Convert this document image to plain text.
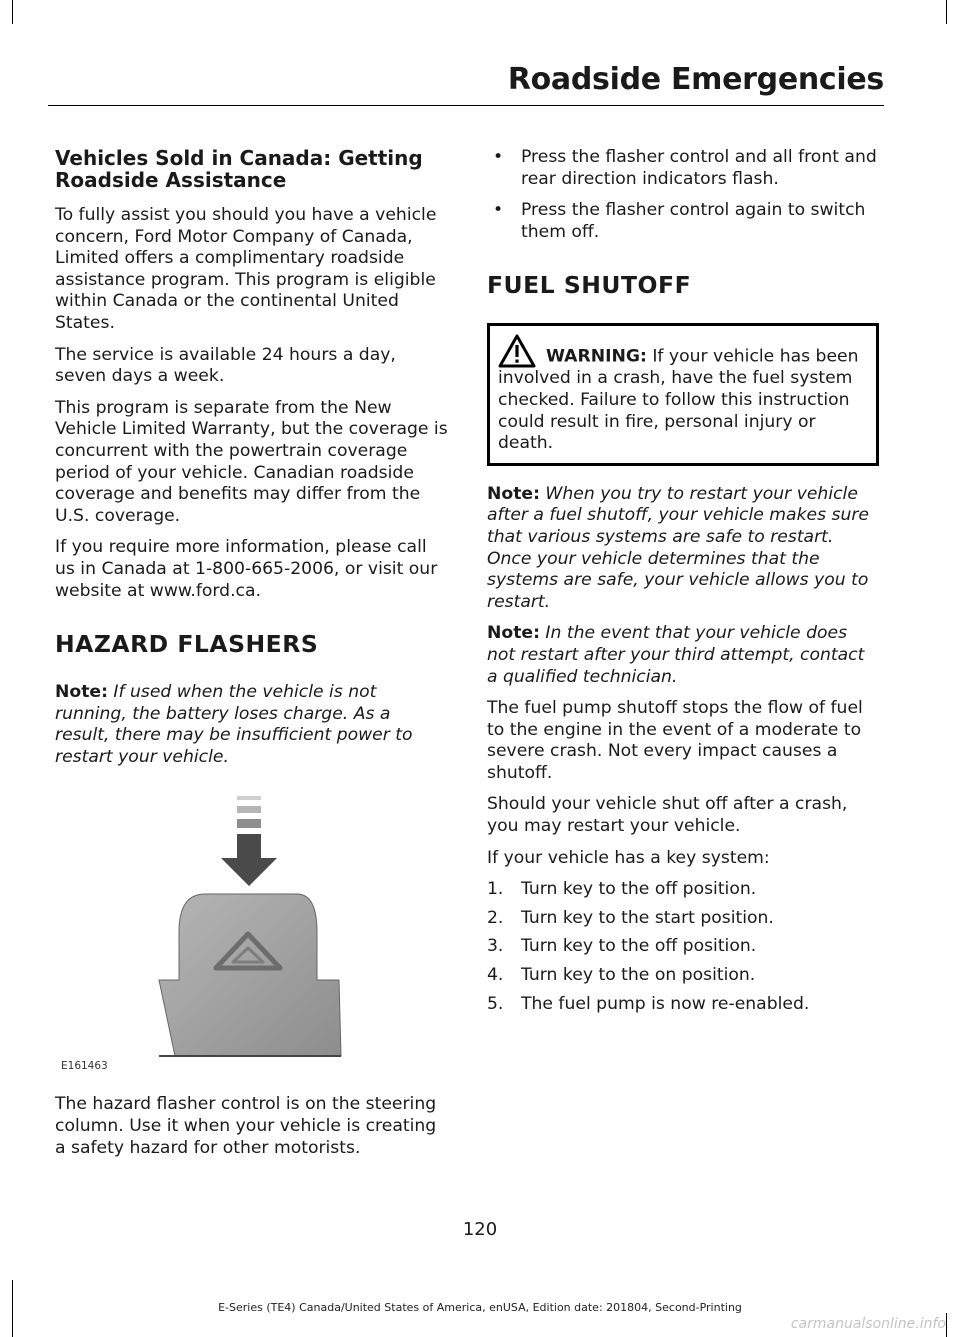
Roadside Emergencies
Vehicles Sold in Canada: Getting Roadside Assistance

To fully assist you should you have a vehicle concern, Ford Motor Company of Canada, Limited offers a complimentary roadside assistance program. This program is eligible within Canada or the continental United States.

The service is available 24 hours a day, seven days a week.

This program is separate from the New Vehicle Limited Warranty, but the coverage is concurrent with the powertrain coverage period of your vehicle. Canadian roadside coverage and benefits may differ from the U.S. coverage.

If you require more information, please call us in Canada at 1-800-665-2006, or visit our website at www.ford.ca.

HAZARD FLASHERS

Note: If used when the vehicle is not running, the battery loses charge. As a result, there may be insufficient power to restart your vehicle.

E161463

The hazard flasher control is on the steering column. Use it when your vehicle is creating a safety hazard for other motorists.

• Press the flasher control and all front and rear direction indicators flash.
• Press the flasher control again to switch them off.
FUEL SHUTOFF

WARNING: If your vehicle has been involved in a crash, have the fuel system checked. Failure to follow this instruction could result in fire, personal injury or death.

Note: When you try to restart your vehicle after a fuel shutoff, your vehicle makes sure that various systems are safe to restart. Once your vehicle determines that the systems are safe, your vehicle allows you to restart.

Note: In the event that your vehicle does not restart after your third attempt, contact a qualified technician.

The fuel pump shutoff stops the flow of fuel to the engine in the event of a moderate to severe crash. Not every impact causes a shutoff.

Should your vehicle shut off after a crash, you may restart your vehicle.

If your vehicle has a key system:

1. Turn key to the off position.
2. Turn key to the start position.
3. Turn key to the off position.
4. Turn key to the on position.
5. The fuel pump is now re-enabled.
120
E-Series (TE4) Canada/United States of America, enUSA, Edition date: 201804, Second-Printing
carmanualsonline.info
